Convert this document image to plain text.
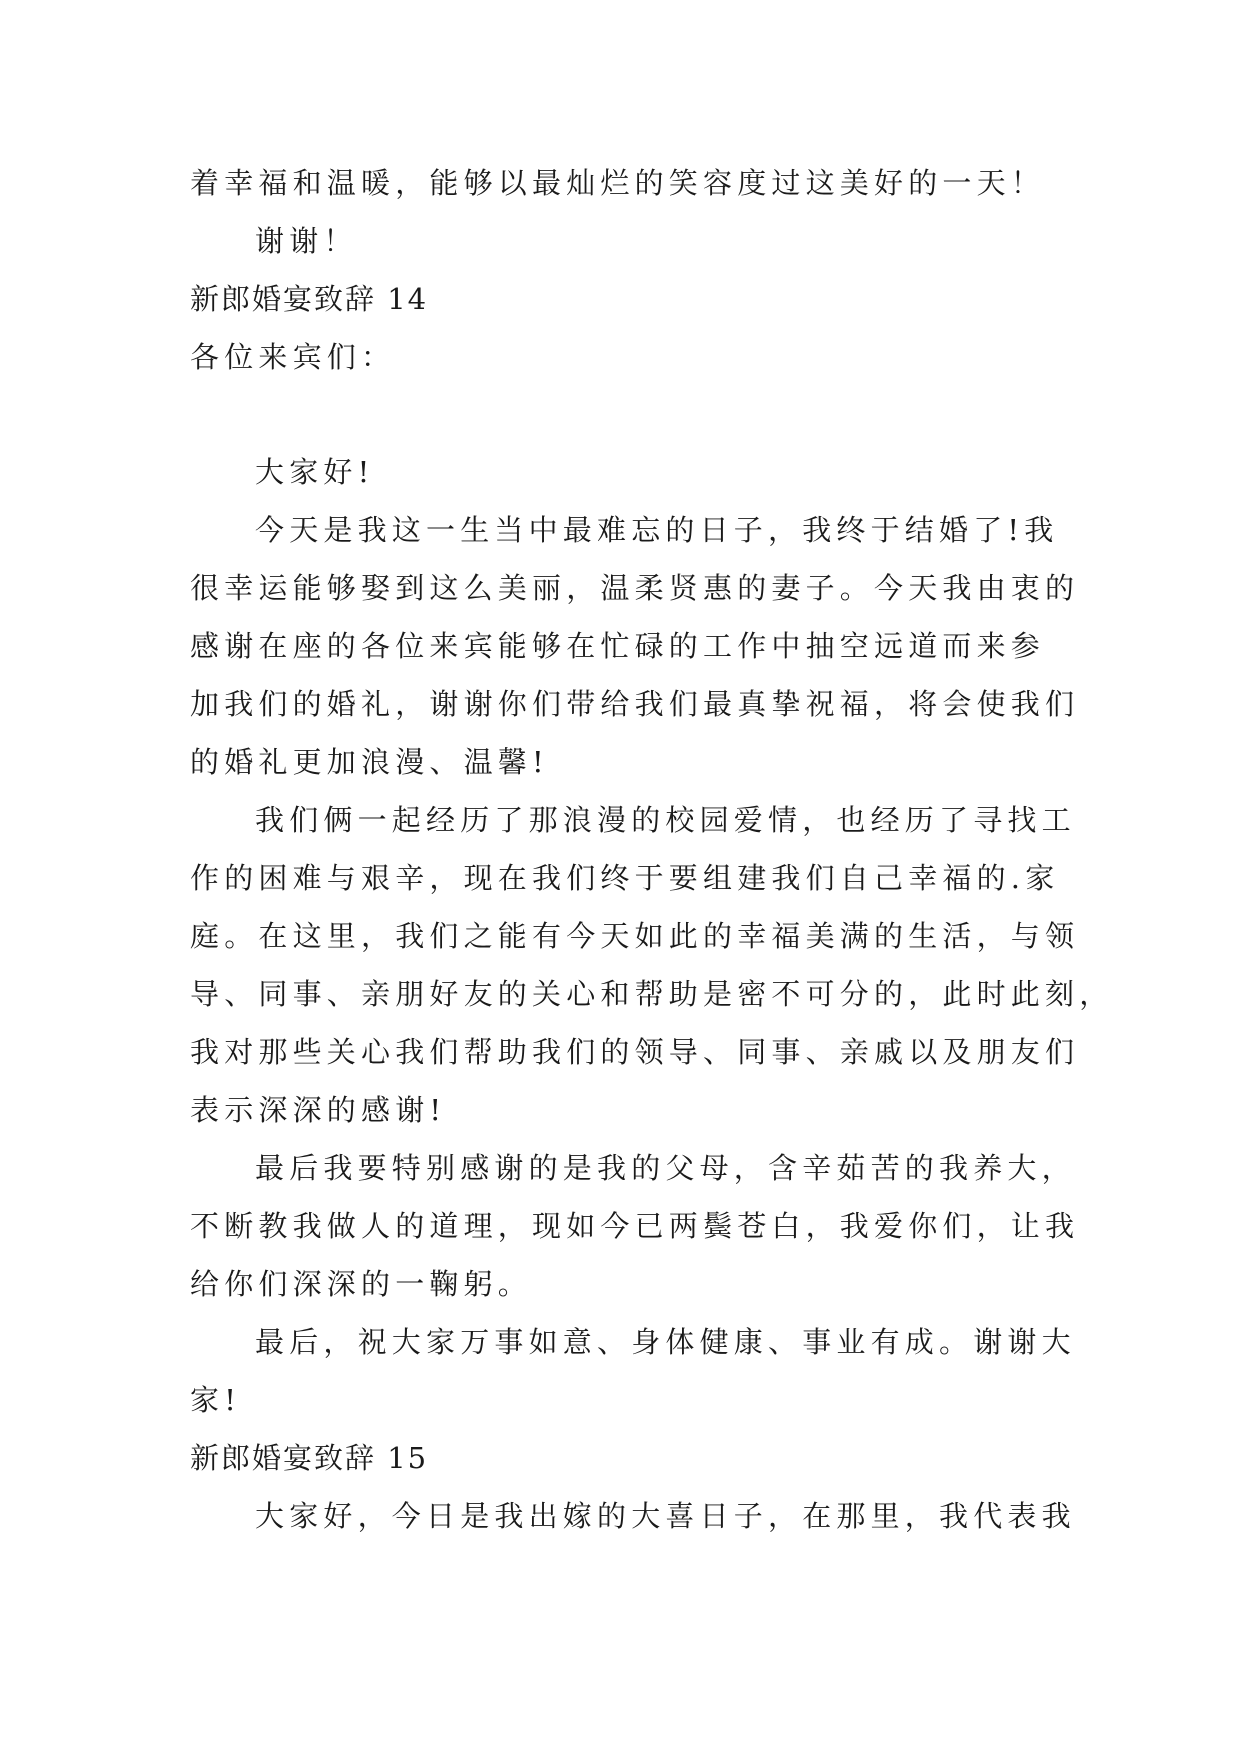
着幸福和温暖，能够以最灿烂的笑容度过这美好的一天！
谢谢！
新郎婚宴致辞 14
各位来宾们：
大家好!
今天是我这一生当中最难忘的日子，我终于结婚了!我
很幸运能够娶到这么美丽，温柔贤惠的妻子。今天我由衷的
感谢在座的各位来宾能够在忙碌的工作中抽空远道而来参
加我们的婚礼，谢谢你们带给我们最真挚祝福，将会使我们
的婚礼更加浪漫、温馨!
我们俩一起经历了那浪漫的校园爱情，也经历了寻找工
作的困难与艰辛，现在我们终于要组建我们自己幸福的.家
庭。在这里，我们之能有今天如此的幸福美满的生活，与领
导、同事、亲朋好友的关心和帮助是密不可分的，此时此刻，
我对那些关心我们帮助我们的领导、同事、亲戚以及朋友们
表示深深的感谢!
最后我要特别感谢的是我的父母，含辛茹苦的我养大，
不断教我做人的道理，现如今已两鬓苍白，我爱你们，让我
给你们深深的一鞠躬。
最后，祝大家万事如意、身体健康、事业有成。谢谢大
家!
新郎婚宴致辞 15
大家好，今日是我出嫁的大喜日子，在那里，我代表我
